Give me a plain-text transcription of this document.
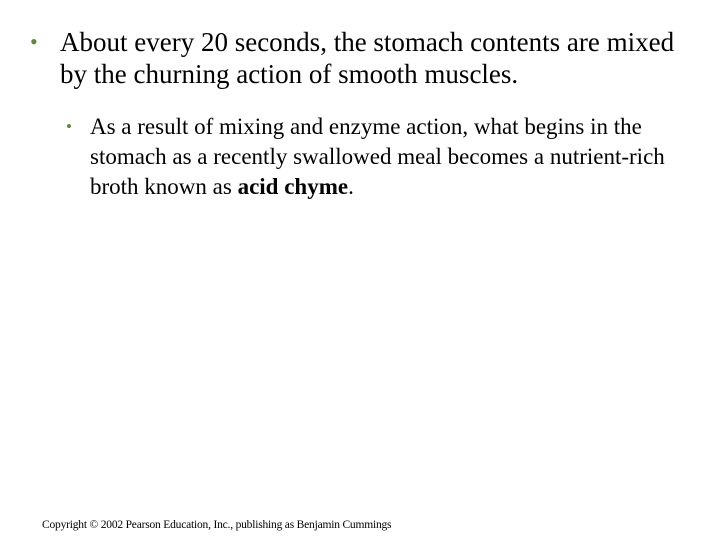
• About every 20 seconds, the stomach contents are mixed by the churning action of smooth muscles.
• As a result of mixing and enzyme action, what begins in the stomach as a recently swallowed meal becomes a nutrient-rich broth known as acid chyme.
Copyright © 2002 Pearson Education, Inc., publishing as Benjamin Cummings
